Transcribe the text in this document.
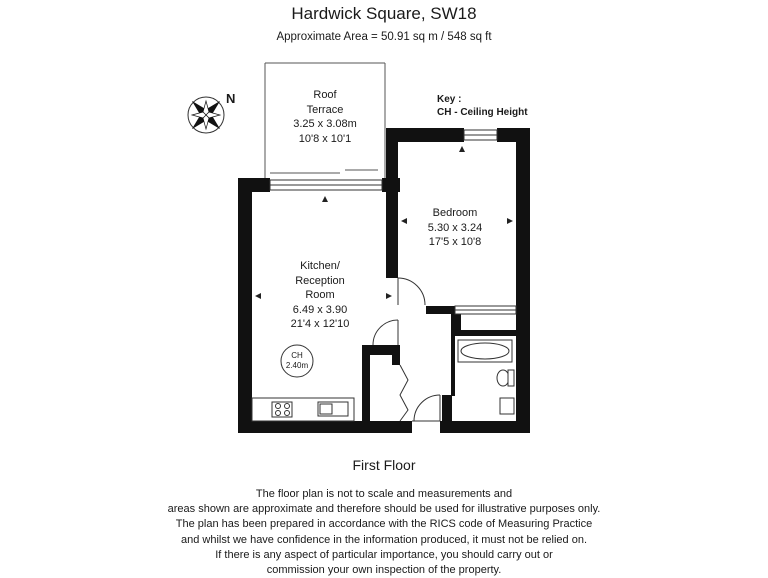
Hardwick Square, SW18
Approximate Area = 50.91 sq m / 548 sq ft
N	Key :
CH - Ceiling Height
Roof
Terrace
3.25 x 3.08m
10'8 x 10'1
Bedroom
5.30 x 3.24
17'5 x 10'8
Kitchen/
Reception
Room
6.49 x 3.90
21'4 x 12'10
CH
2.40m
First Floor
The floor plan is not to scale and measurements and
areas shown are approximate and therefore should be used for illustrative purposes only.
The plan has been prepared in accordance with the RICS code of Measuring Practice
and whilst we have confidence in the information produced, it must not be relied on.
If there is any aspect of particular importance, you should carry out or
commission your own inspection of the property.
